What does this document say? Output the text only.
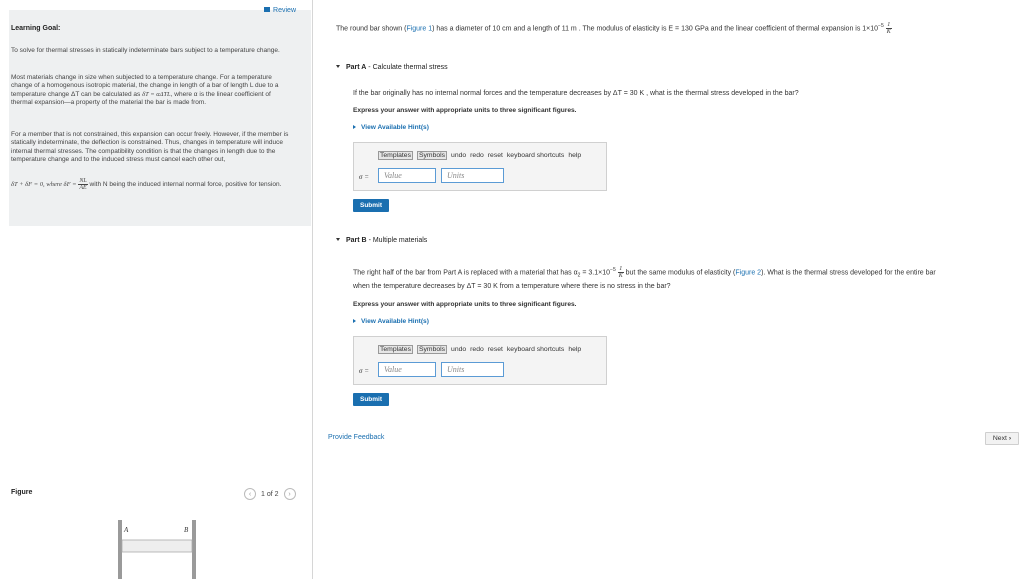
Review
Learning Goal:
To solve for thermal stresses in statically indeterminate bars subject to a temperature change.
Most materials change in size when subjected to a temperature change. For a temperature change of a homogenous isotropic material, the change in length of a bar of length L due to a temperature change ΔT can be calculated as δT = αΔTL, where α is the linear coefficient of thermal expansion—a property of the material the bar is made from.
For a member that is not constrained, this expansion can occur freely. However, if the member is statically indeterminate, the deflection is constrained. Thus, changes in temperature will induce internal thermal stresses. The compatibility condition is that the changes in length due to the temperature change and to the induced stress must cancel each other out,
δT + δF = 0, where $\delta F = \frac{NL}{AE}$ with N being the induced internal normal force, positive for tension.
Figure	‹ 1 of 2 ›
A	B
The round bar shown (Figure 1) has a diameter of 10 cm and a length of 11 m . The modulus of elasticity is E = 130 GPa and the linear coefficient of thermal expansion is $1\times 10^{-5} \frac{1}{K}$
Part A - Calculate thermal stress
If the bar originally has no internal normal forces and the temperature decreases by ΔT = 30 K , what is the thermal stress developed in the bar?
Express your answer with appropriate units to three significant figures.
View Available Hint(s)
Templates Symbols undo redo reset keyboard shortcuts help
σ =	Value	Units
Submit
Part B - Multiple materials
The right half of the bar from Part A is replaced with a material that has $\alpha_2 = 3.1\times 10^{-5} \frac{1}{K}$ but the same modulus of elasticity (Figure 2). What is the thermal stress developed for the entire bar
when the temperature decreases by ΔT = 30 K from a temperature where there is no stress in the bar?
Express your answer with appropriate units to three significant figures.
View Available Hint(s)
Templates Symbols undo redo reset keyboard shortcuts help
σ =	Value	Units
Submit
Provide Feedback	Next ›
